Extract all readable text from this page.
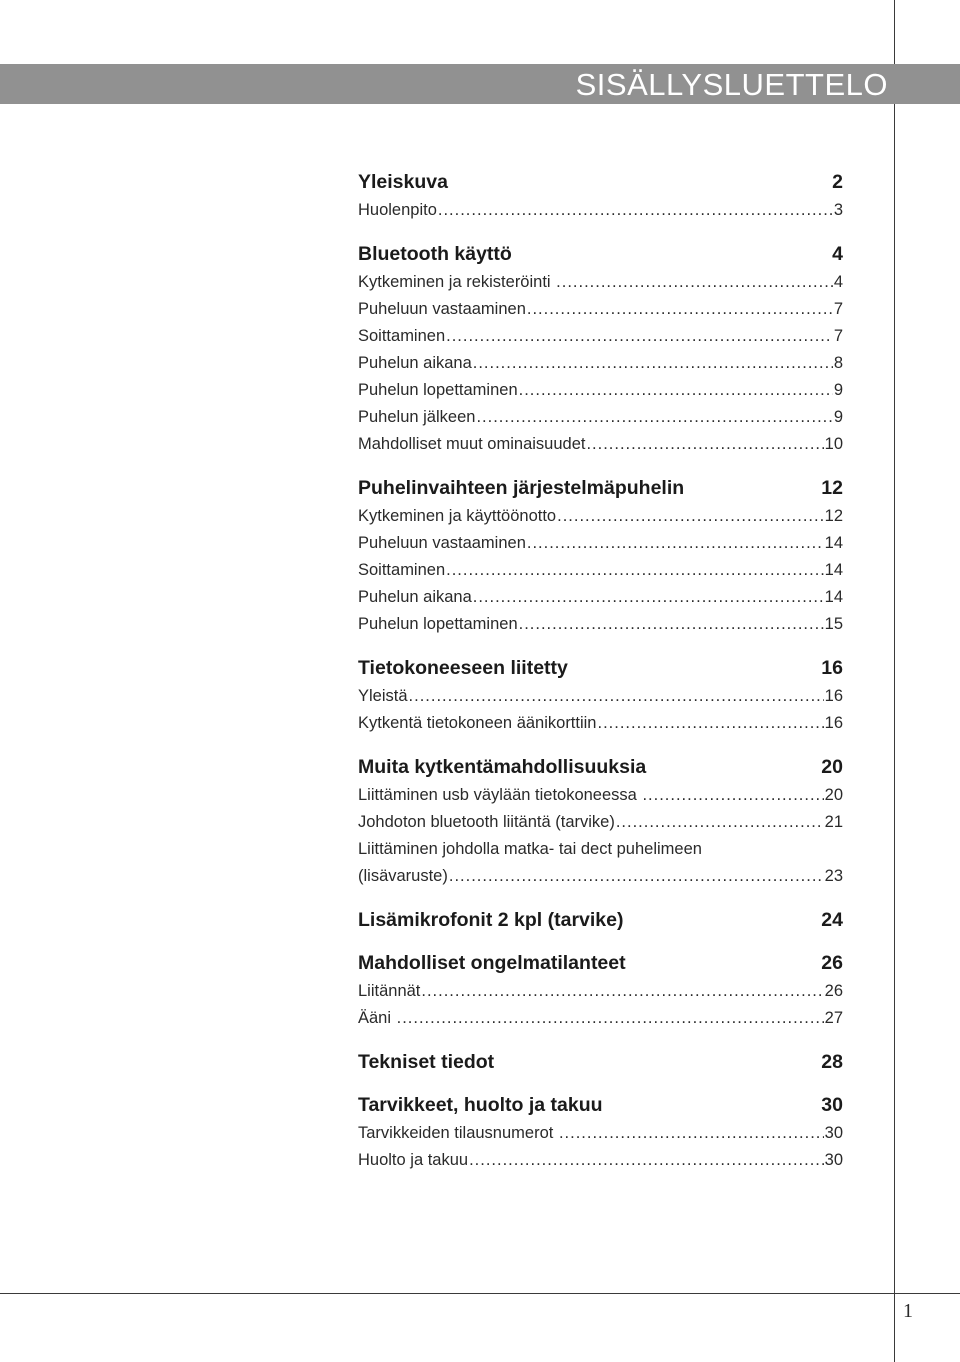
SISÄLLYSLUETTELO
Yleiskuva	2
Huolenpito .....	3
Bluetooth käyttö	4
Kytkeminen ja rekisteröinti .....	4
Puheluun vastaaminen .....	7
Soittaminen .....	7
Puhelun aikana .....	8
Puhelun lopettaminen .....	9
Puhelun jälkeen .....	9
Mahdolliset muut ominaisuudet .....	10
Puhelinvaihteen järjestelmäpuhelin	12
Kytkeminen ja käyttöönotto .....	12
Puheluun vastaaminen .....	14
Soittaminen .....	14
Puhelun aikana .....	14
Puhelun lopettaminen .....	15
Tietokoneeseen liitetty	16
Yleistä .....	16
Kytkentä tietokoneen äänikorttiin .....	16
Muita kytkentämahdollisuuksia	20
Liittäminen usb väylään tietokoneessa .....	20
Johdoton bluetooth liitäntä (tarvike) .....	21
Liittäminen johdolla matka- tai dect puhelimeen
(lisävaruste) .....	23
Lisämikrofonit 2 kpl (tarvike)	24
Mahdolliset ongelmatilanteet	26
Liitännät .....	26
Ääni .....	27
Tekniset tiedot	28
Tarvikkeet, huolto ja takuu	30
Tarvikkeiden tilausnumerot .....	30
Huolto ja takuu .....	30
1
